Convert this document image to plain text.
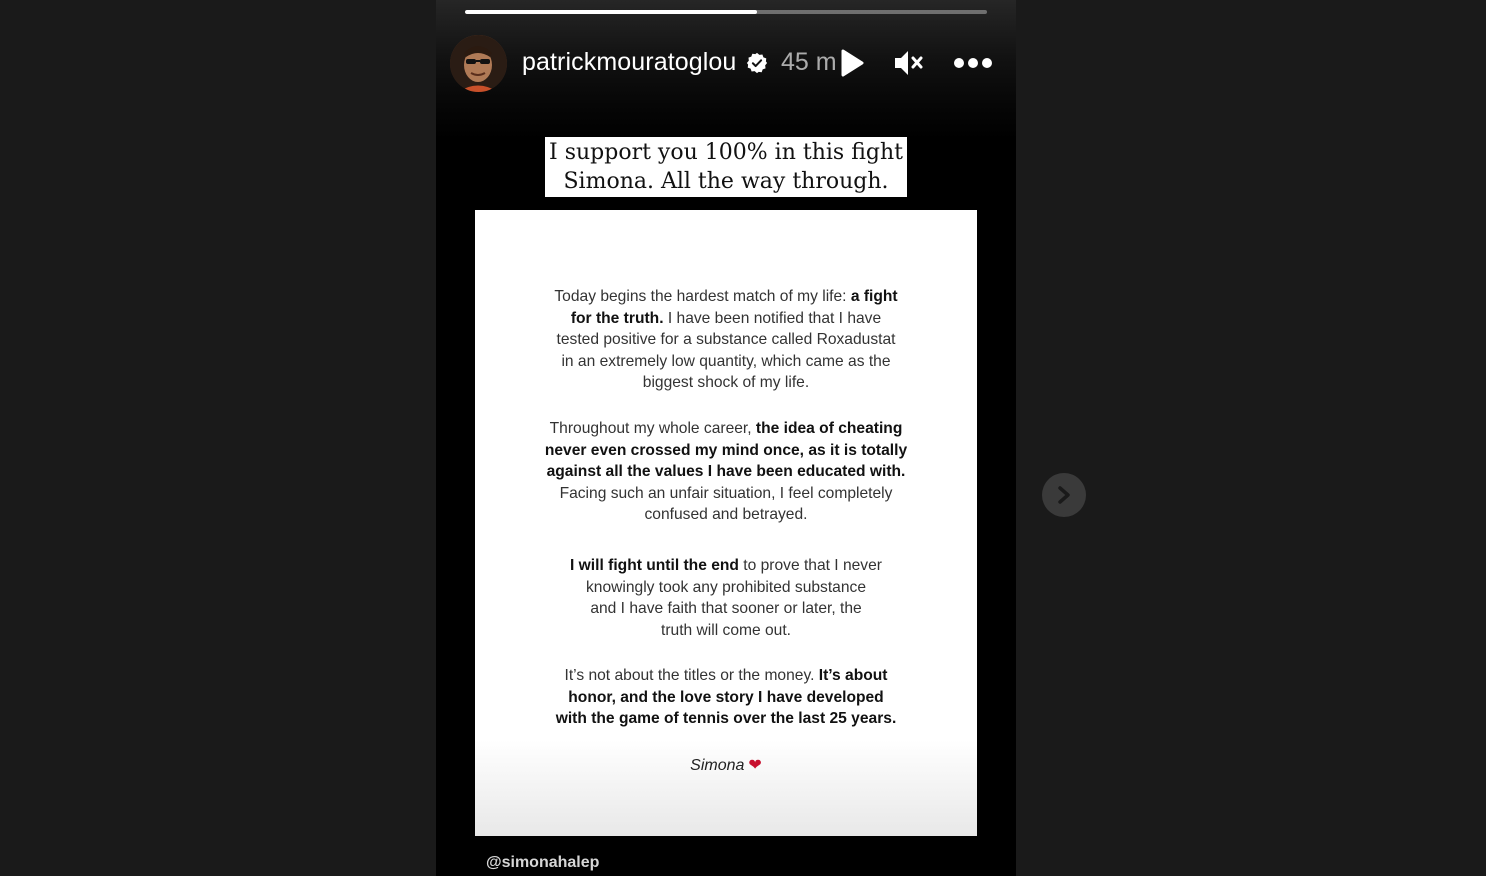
patrickmouratoglou 45 m
I support you 100% in this fight
Simona. All the way through.
Today begins the hardest match of my life: a fight
for the truth. I have been notified that I have
tested positive for a substance called Roxadustat
in an extremely low quantity, which came as the
biggest shock of my life.
Throughout my whole career, the idea of cheating
never even crossed my mind once, as it is totally
against all the values I have been educated with.
Facing such an unfair situation, I feel completely
confused and betrayed.
I will fight until the end to prove that I never
knowingly took any prohibited substance
and I have faith that sooner or later, the
truth will come out.
It’s not about the titles or the money. It’s about
honor, and the love story I have developed
with the game of tennis over the last 25 years.
Simona ❤
@simonahalep
